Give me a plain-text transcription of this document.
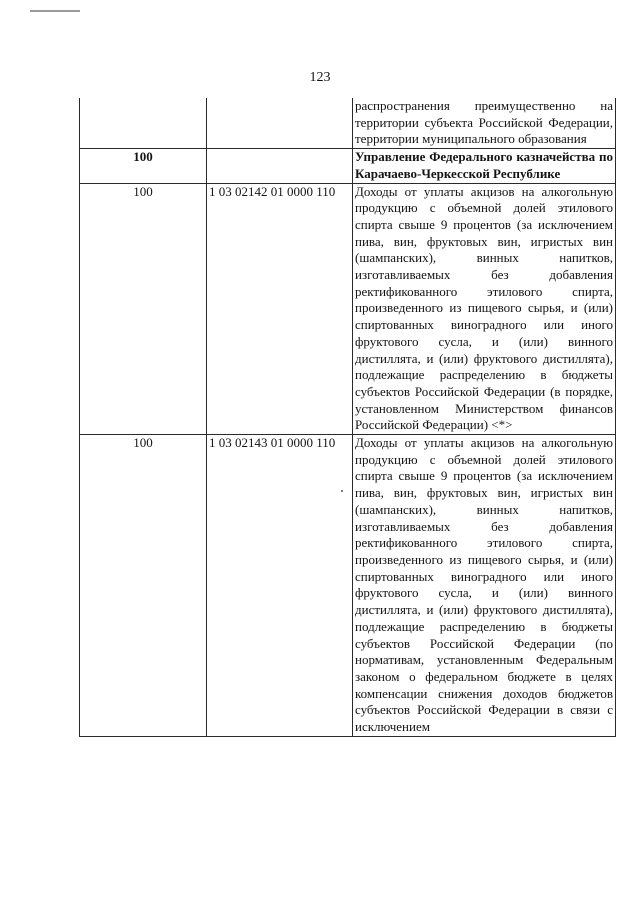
123
		распространения преимущественно на территории субъекта Российской Федерации, территории муниципального образования
100		Управление Федерального казначейства по Карачаево-Черкесской Республике
100	1 03 02142 01 0000 110	Доходы от уплаты акцизов на алкогольную продукцию с объемной долей этилового спирта свыше 9 процентов (за исключением пива, вин, фруктовых вин, игристых вин (шампанских), винных напитков, изготавливаемых без добавления ректификованного этилового спирта, произведенного из пищевого сырья, и (или) спиртованных виноградного или иного фруктового сусла, и (или) винного дистиллята, и (или) фруктового дистиллята), подлежащие распределению в бюджеты субъектов Российской Федерации (в порядке, установленном Министерством финансов Российской Федерации) <*>
100	1 03 02143 01 0000 110	Доходы от уплаты акцизов на алкогольную продукцию с объемной долей этилового спирта свыше 9 процентов (за исключением пива, вин, фруктовых вин, игристых вин (шампанских), винных напитков, изготавливаемых без добавления ректификованного этилового спирта, произведенного из пищевого сырья, и (или) спиртованных виноградного или иного фруктового сусла, и (или) винного дистиллята, и (или) фруктового дистиллята), подлежащие распределению в бюджеты субъектов Российской Федерации (по нормативам, установленным Федеральным законом о федеральном бюджете в целях компенсации снижения доходов бюджетов субъектов Российской Федерации в связи с исключением
